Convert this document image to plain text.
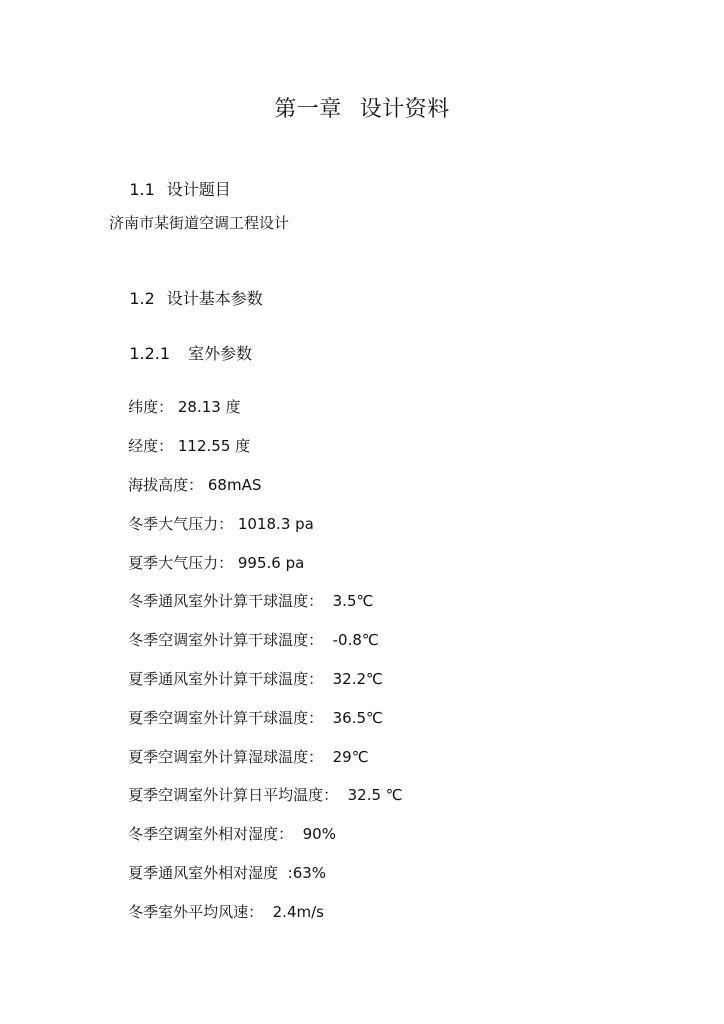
第一章 设计资料

1.1 设计题目

济南市某街道空调工程设计

1.2 设计基本参数

1.2.1 室外参数

纬度： 28.13 度

经度： 112.55 度

海拔高度： 68mAS

冬季大气压力： 1018.3 pa

夏季大气压力： 995.6 pa

冬季通风室外计算干球温度： 3.5℃

冬季空调室外计算干球温度： -0.8℃

夏季通风室外计算干球温度： 32.2℃

夏季空调室外计算干球温度： 36.5℃

夏季空调室外计算湿球温度： 29℃

夏季空调室外计算日平均温度： 32.5 ℃

冬季空调室外相对湿度： 90%

夏季通风室外相对湿度 :63%

冬季室外平均风速： 2.4m/s
